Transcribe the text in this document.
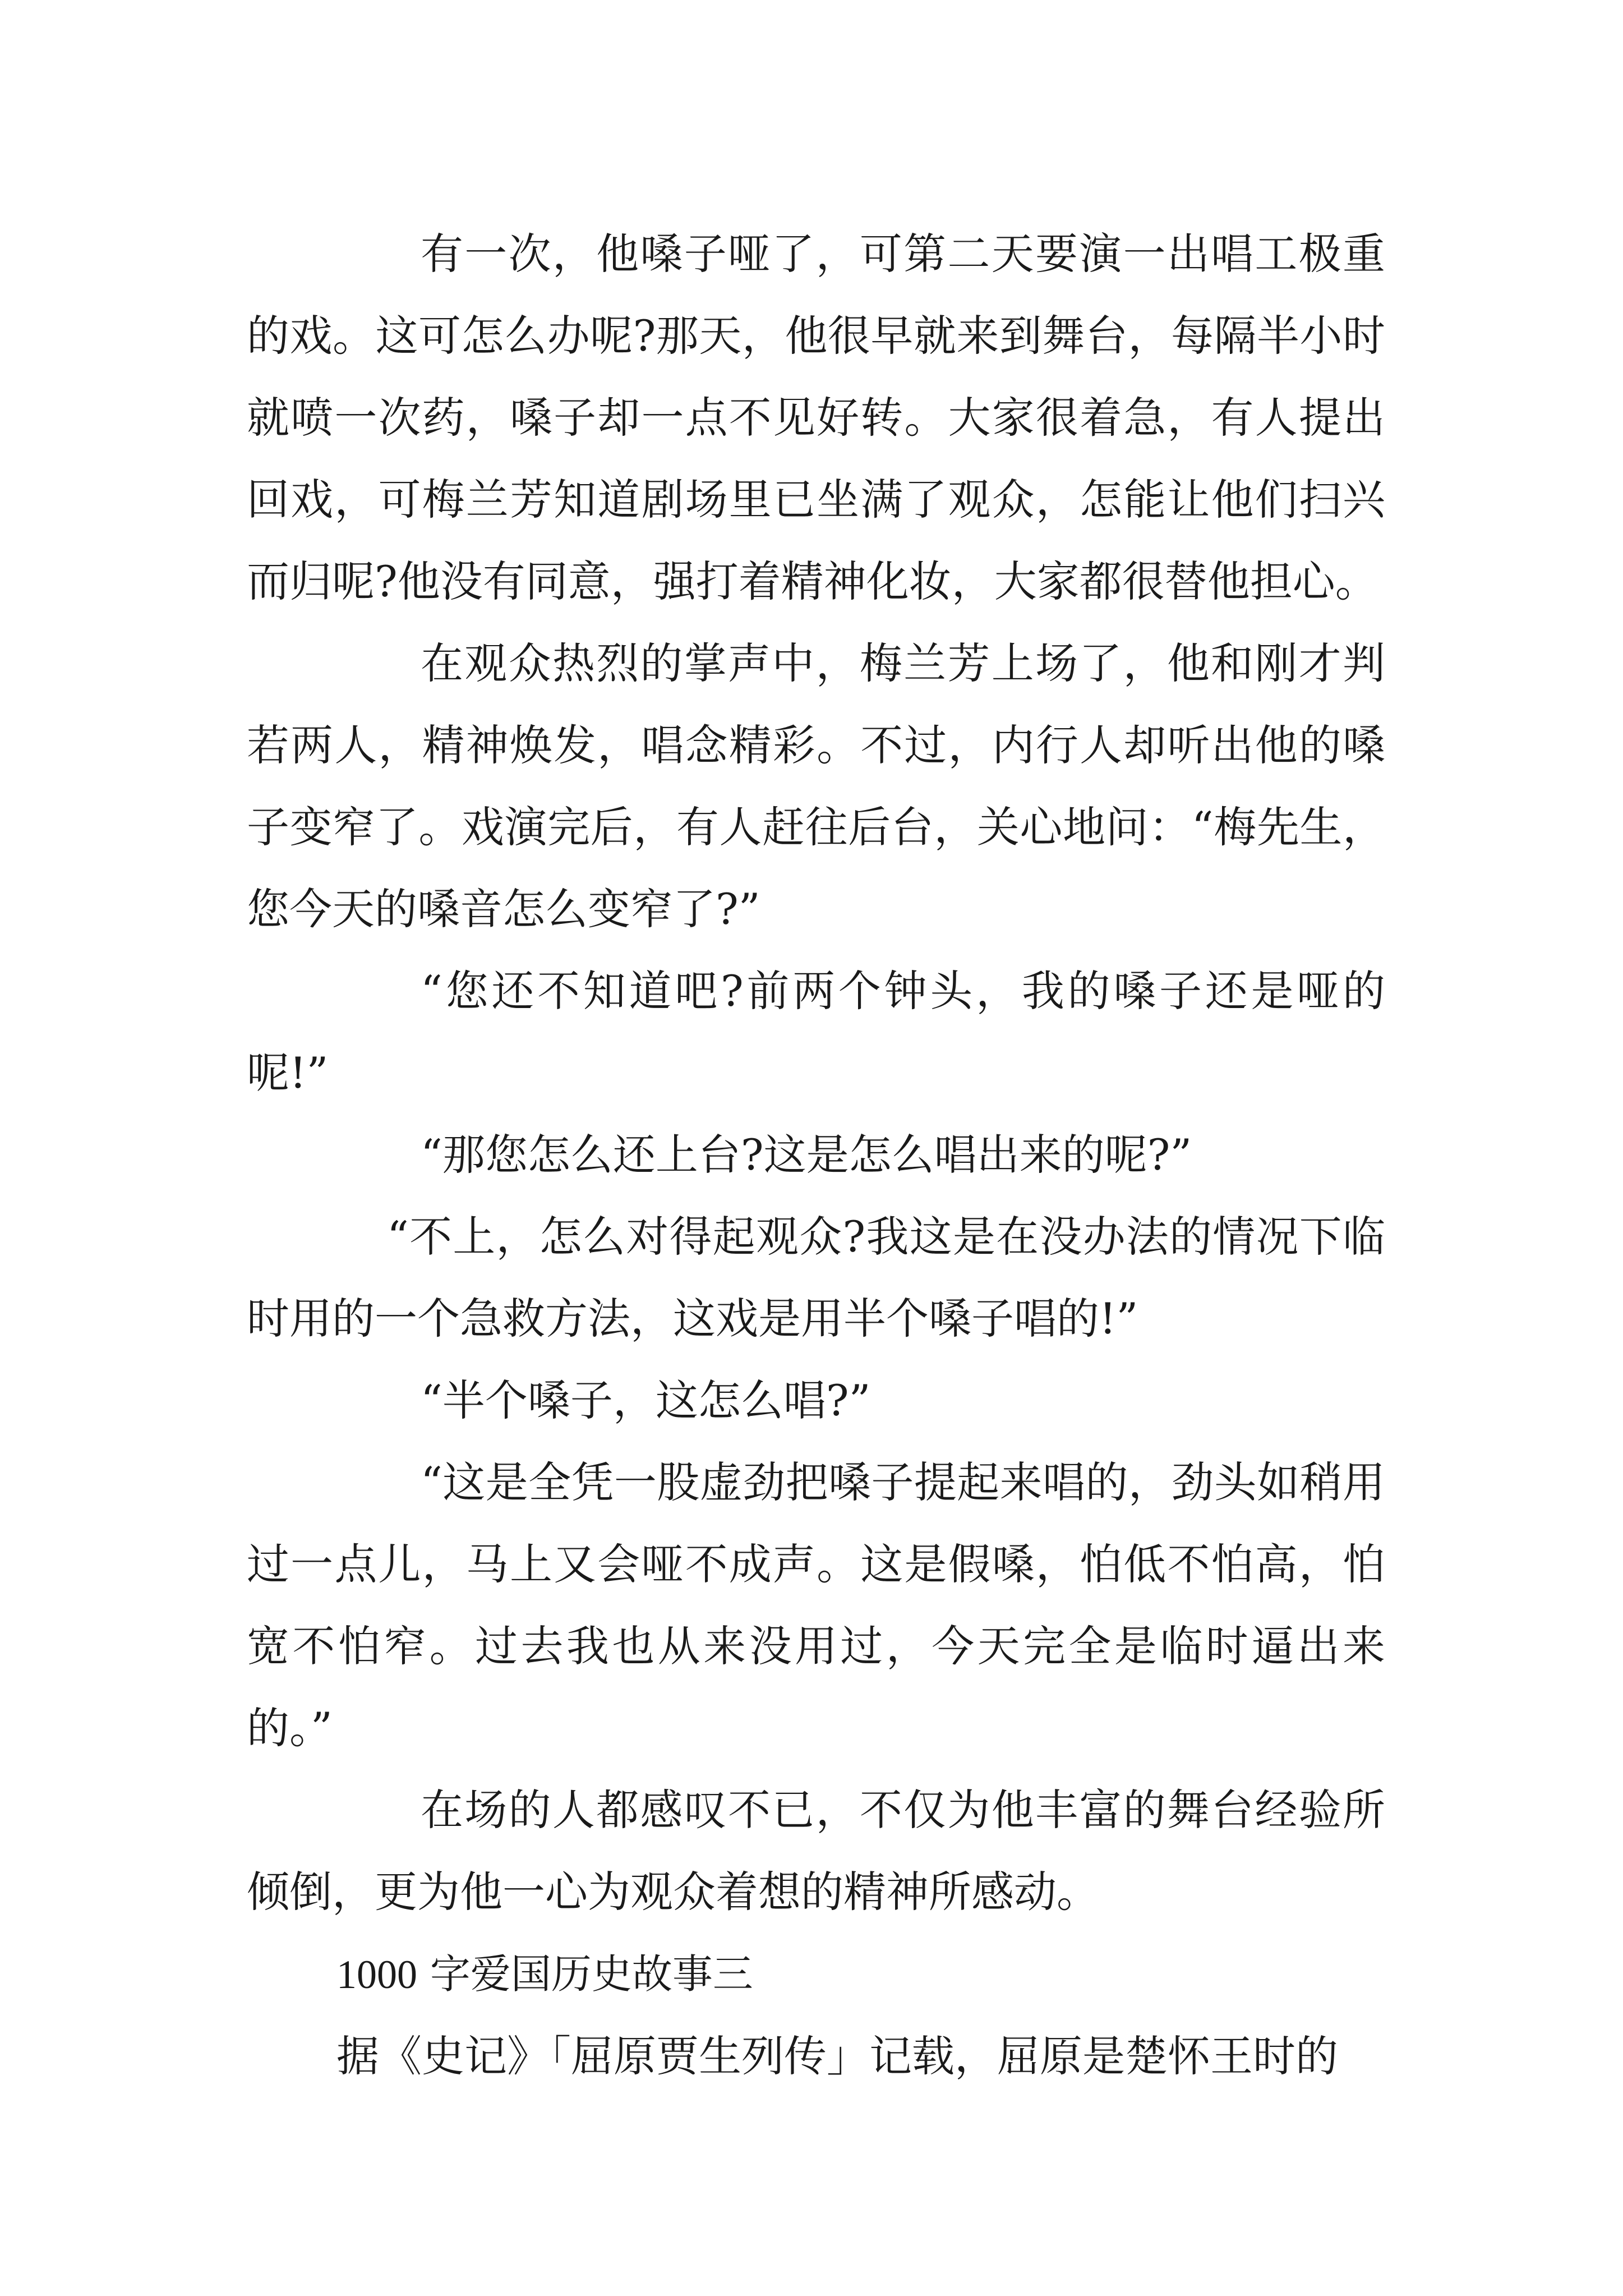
有一次，他嗓子哑了，可第二天要演一出唱工极重的戏。这可怎么办呢?那天，他很早就来到舞台，每隔半小时就喷一次药，嗓子却一点不见好转。大家很着急，有人提出回戏，可梅兰芳知道剧场里已坐满了观众，怎能让他们扫兴而归呢?他没有同意，强打着精神化妆，大家都很替他担心。

在观众热烈的掌声中，梅兰芳上场了，他和刚才判若两人，精神焕发，唱念精彩。不过，内行人却听出他的嗓子变窄了。戏演完后，有人赶往后台，关心地问：“梅先生，您今天的嗓音怎么变窄了?”

“您还不知道吧?前两个钟头，我的嗓子还是哑的呢!”

“那您怎么还上台?这是怎么唱出来的呢?”

“不上，怎么对得起观众?我这是在没办法的情况下临时用的一个急救方法，这戏是用半个嗓子唱的!”

“半个嗓子，这怎么唱?”

“这是全凭一股虚劲把嗓子提起来唱的，劲头如稍用过一点儿，马上又会哑不成声。这是假嗓，怕低不怕高，怕宽不怕窄。过去我也从来没用过，今天完全是临时逼出来的。”

在场的人都感叹不已，不仅为他丰富的舞台经验所倾倒，更为他一心为观众着想的精神所感动。

1000 字爱国历史故事三

据《史记》「屈原贾生列传」记载，屈原是楚怀王时的
